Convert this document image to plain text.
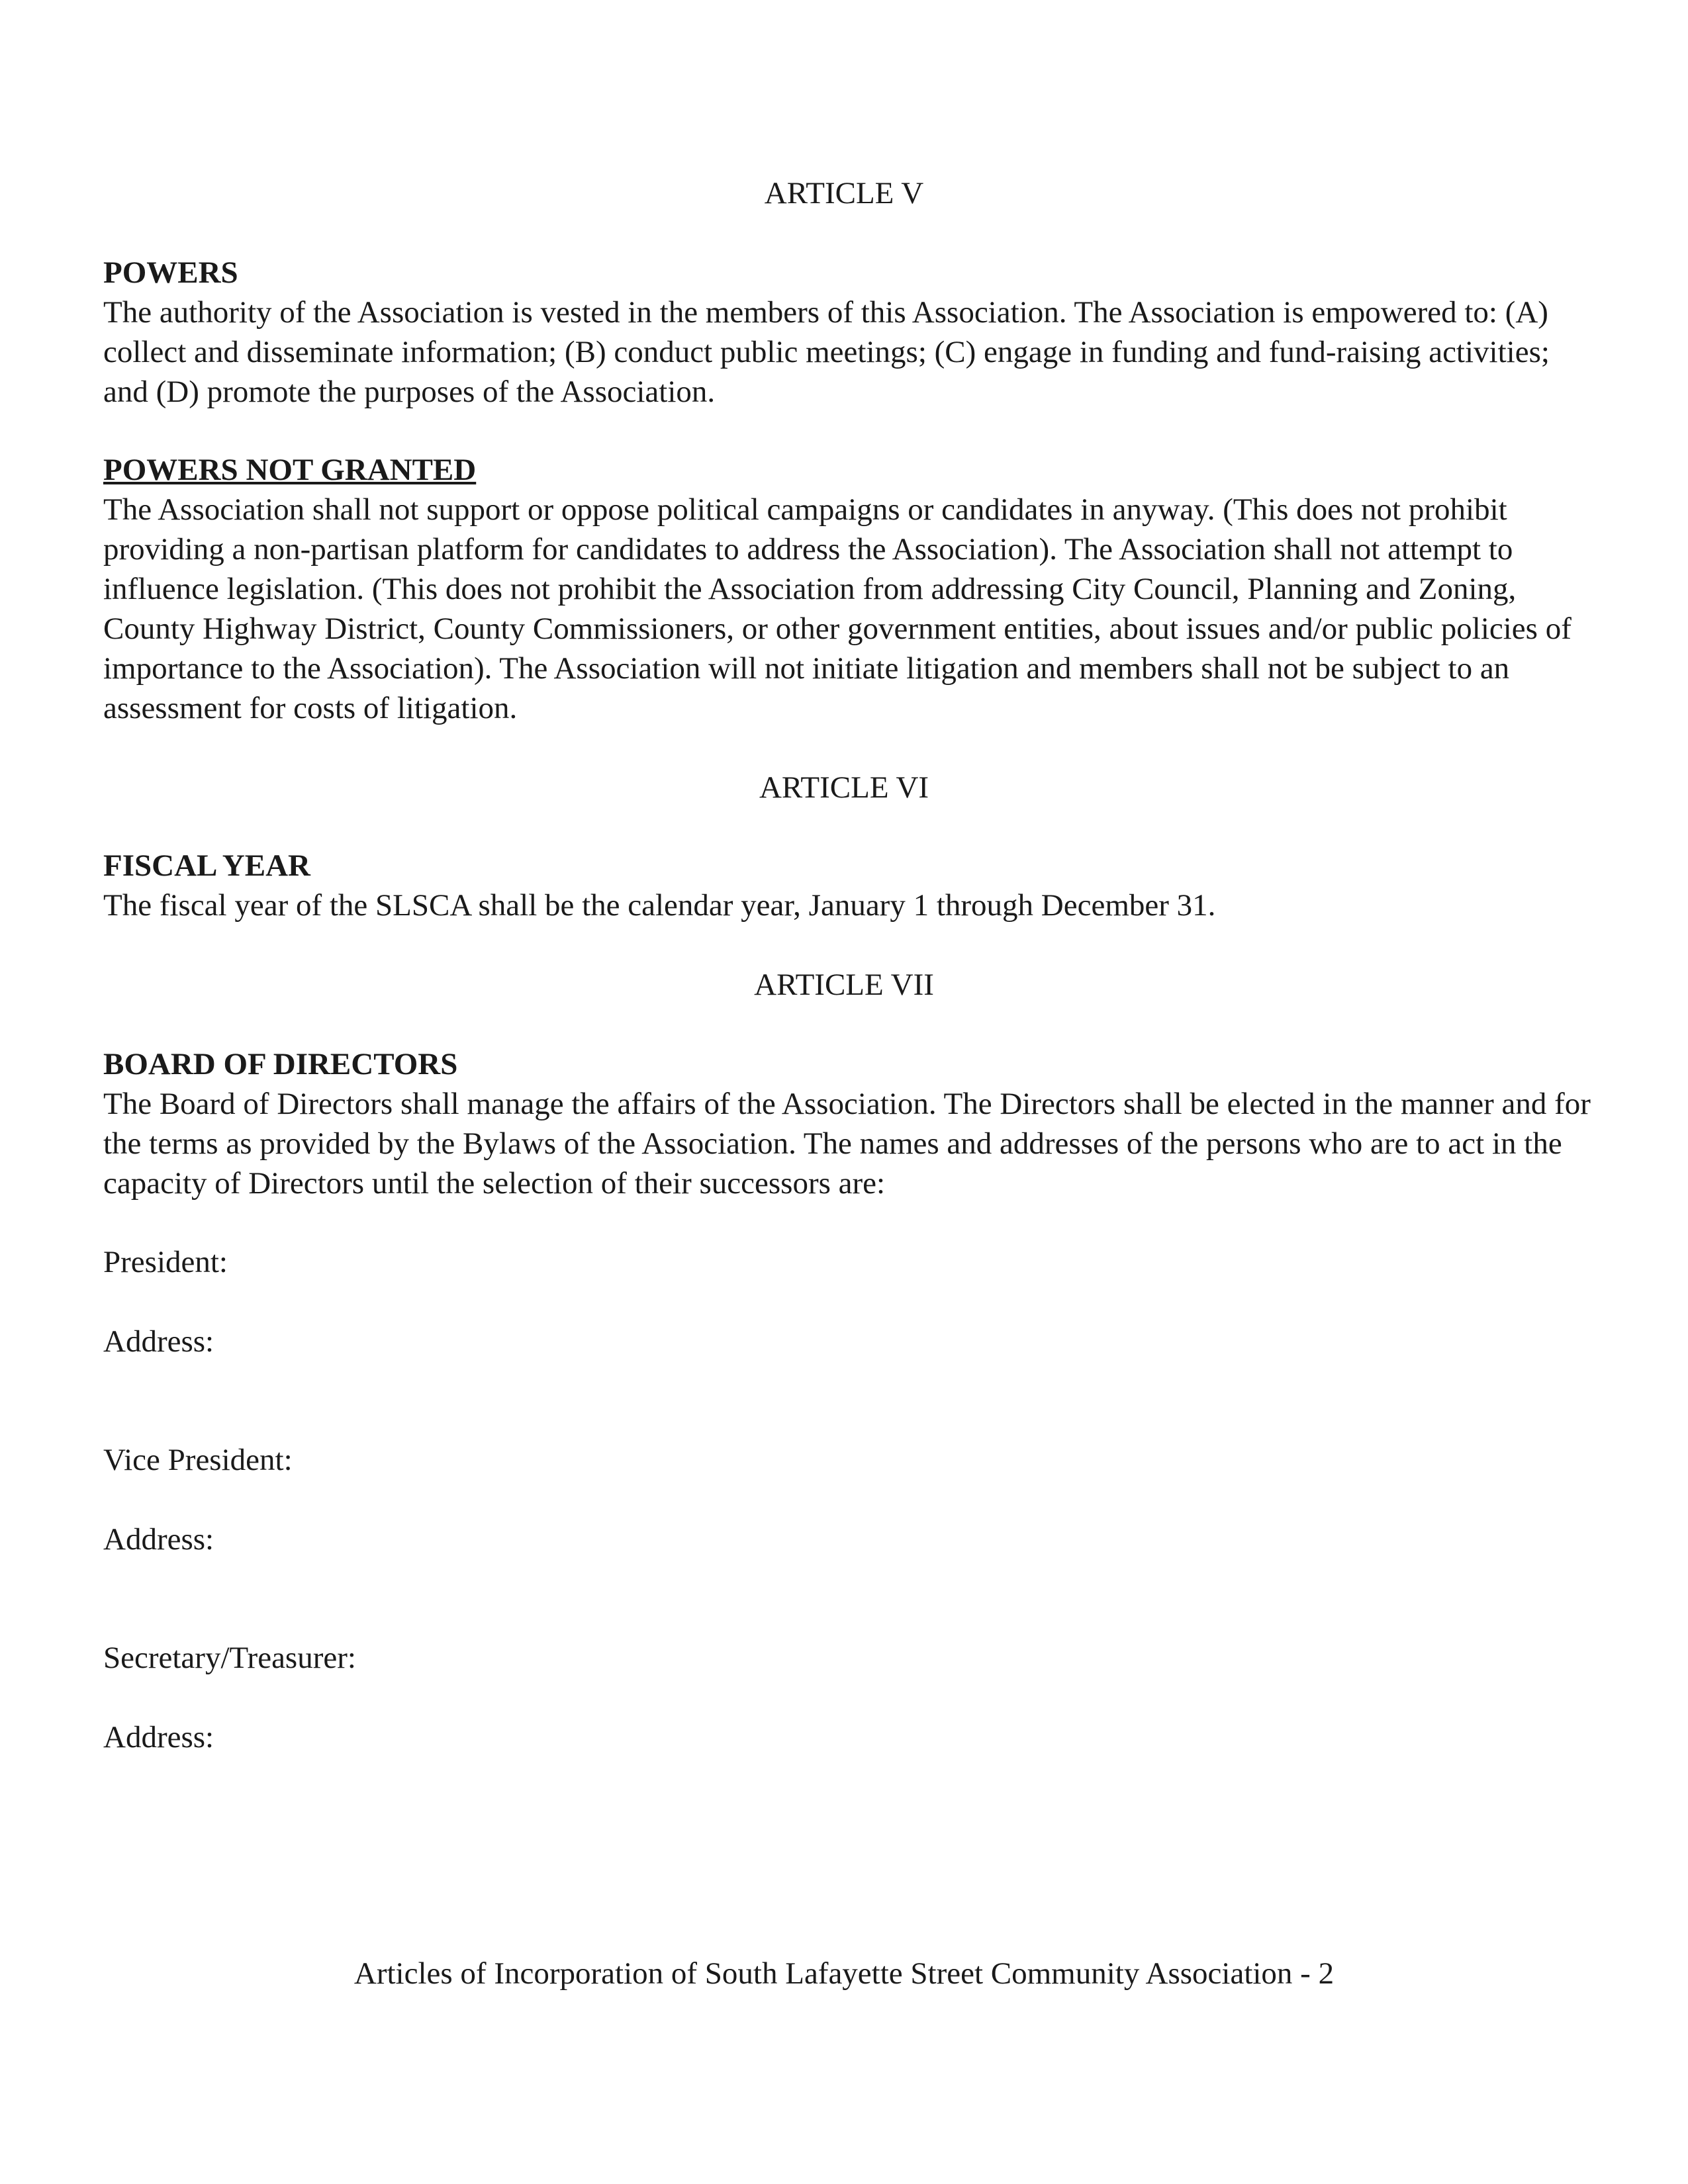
ARTICLE V

POWERS
The authority of the Association is vested in the members of this Association. The Association is empowered to: (A) collect and disseminate information; (B) conduct public meetings; (C) engage in funding and fund-raising activities; and (D) promote the purposes of the Association.
POWERS NOT GRANTED
The Association shall not support or oppose political campaigns or candidates in anyway. (This does not prohibit providing a non-partisan platform for candidates to address the Association). The Association shall not attempt to influence legislation. (This does not prohibit the Association from addressing City Council, Planning and Zoning, County Highway District, County Commissioners, or other government entities, about issues and/or public policies of importance to the Association). The Association will not initiate litigation and members shall not be subject to an assessment for costs of litigation.

ARTICLE VI

FISCAL YEAR
The fiscal year of the SLSCA shall be the calendar year, January 1 through December 31.

ARTICLE VII

BOARD OF DIRECTORS
The Board of Directors shall manage the affairs of the Association. The Directors shall be elected in the manner and for the terms as provided by the Bylaws of the Association. The names and addresses of the persons who are to act in the capacity of Directors until the selection of their successors are:

President:

Address:

Vice President:

Address:

Secretary/Treasurer:

Address:

Articles of Incorporation of South Lafayette Street Community Association - 2
